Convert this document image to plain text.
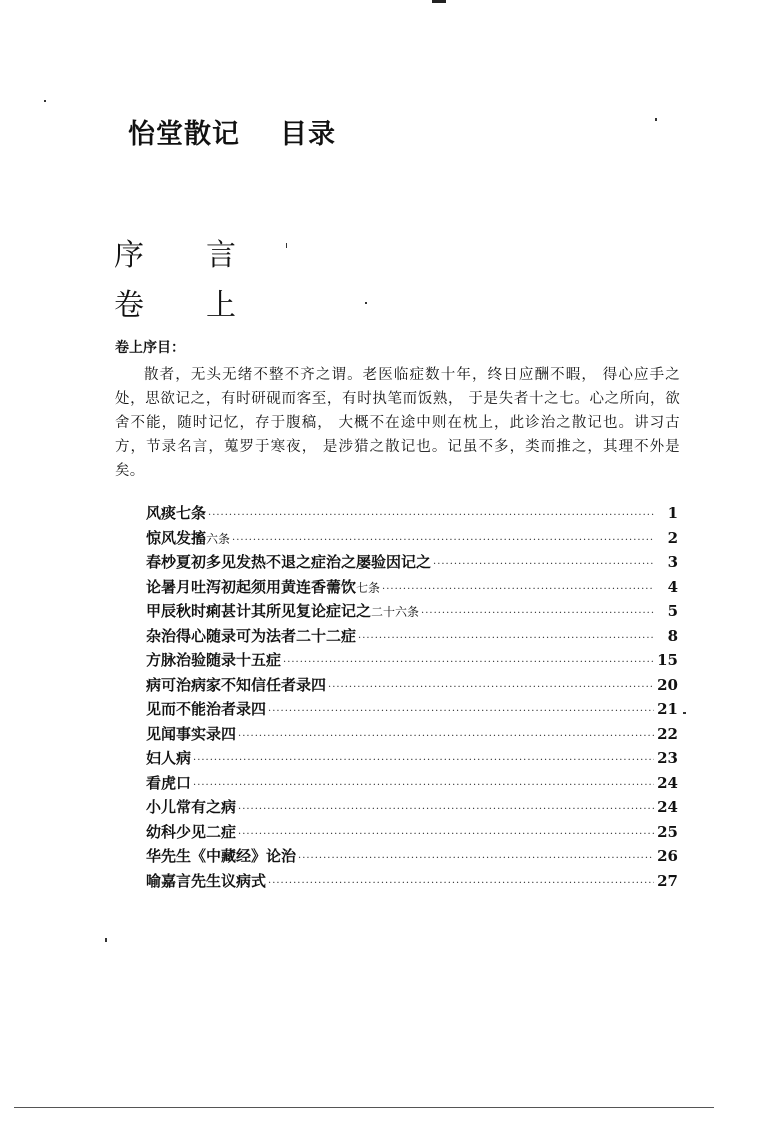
怡堂散记 目录
序 言
卷 上
卷上序目：

散者，无头无绪不整不齐之谓。老医临症数十年，终日应酬不暇， 得心应手之处，思欲记之，有时研砚而客至，有时执笔而饭熟， 于是失者十之七。心之所向，欲舍不能，随时记忆，存于腹稿， 大概不在途中则在枕上，此诊治之散记也。讲习古方，节录名言，蒐罗于寒夜， 是涉猎之散记也。记虽不多，类而推之，其理不外是矣。

风痰七条 ·····	1
惊风发搐 六条 ·····	2
春杪夏初多见发热不退之症治之屡验因记之 ·····	3
论暑月吐泻初起须用黄连香薷饮 七条 ·····	4
甲辰秋时痢甚计其所见复论症记之 二十六条 ·····	5
杂治得心随录可为法者二十二症 ·····	8
方脉治验随录十五症 ·····	15
病可治病家不知信任者录四 ·····	20
见而不能治者录四 ·····	21
见闻事实录四 ·····	22
妇人病 ·····	23
看虎口 ·····	24
小儿常有之病 ·····	24
幼科少见二症 ·····	25
华先生《中藏经》论治 ·····	26
喻嘉言先生议病式 ·····	27
